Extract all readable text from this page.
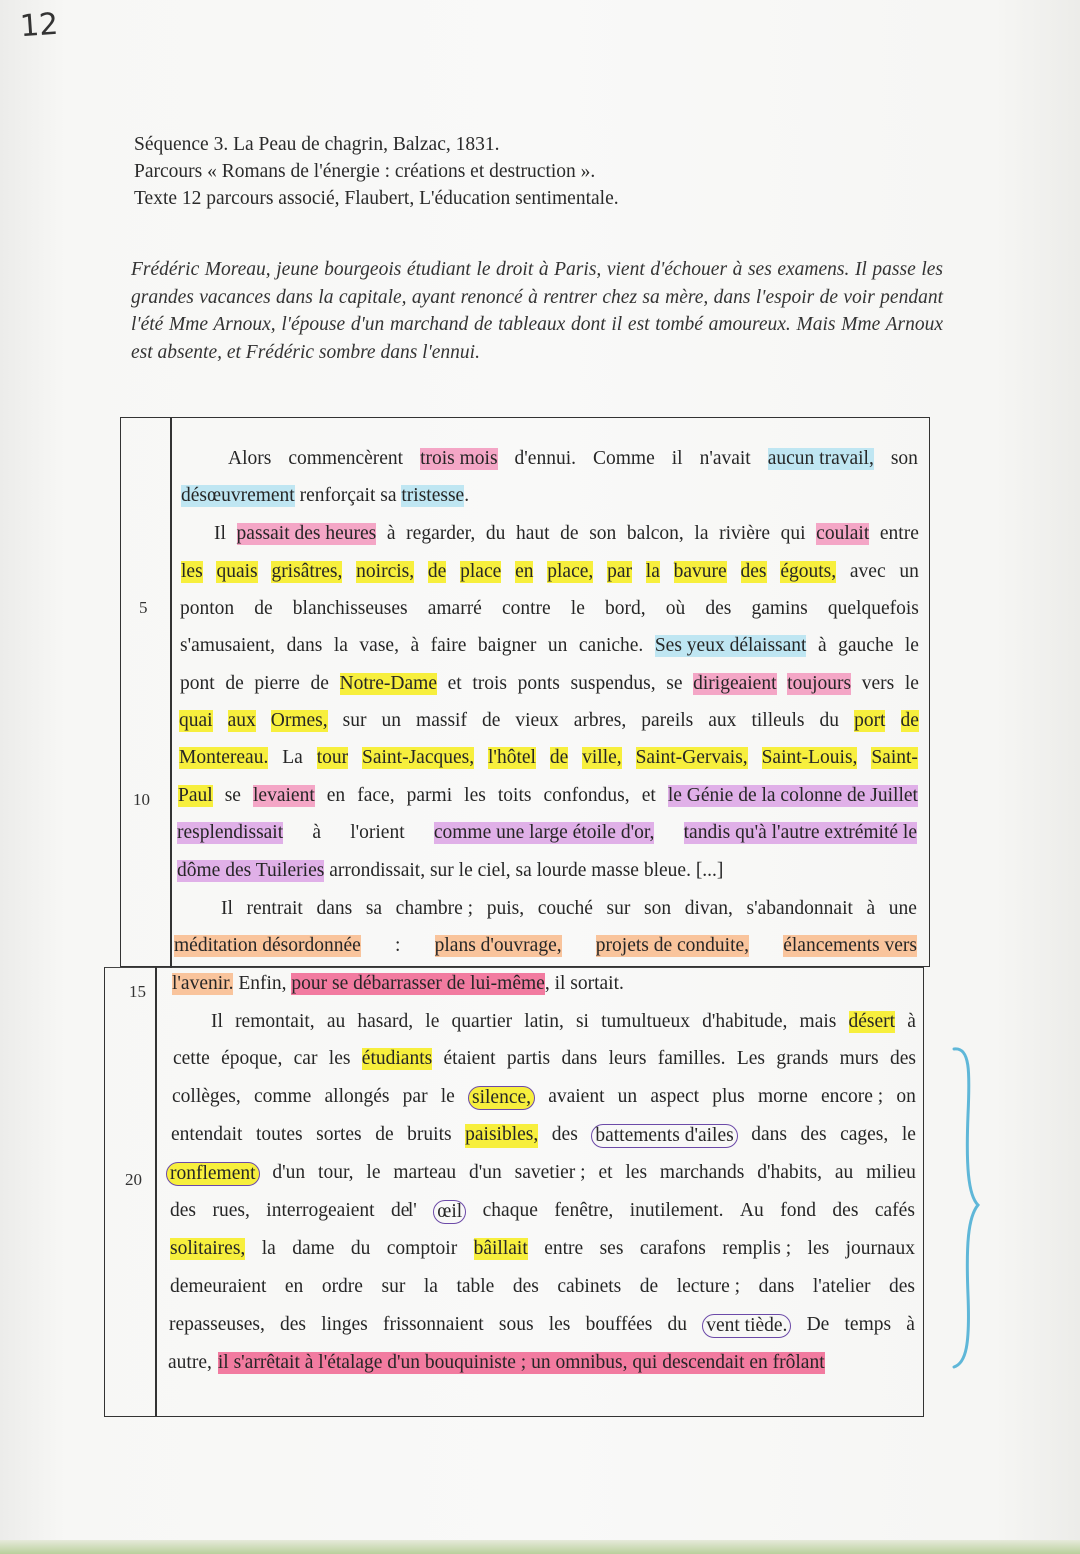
12
Séquence 3. La Peau de chagrin, Balzac, 1831.
Parcours « Romans de l'énergie : créations et destruction ».
Texte 12 parcours associé, Flaubert, L'éducation sentimentale.
Frédéric Moreau, jeune bourgeois étudiant le droit à Paris, vient d'échouer à ses examens. Il passe les grandes vacances dans la capitale, ayant renoncé à rentrer chez sa mère, dans l'espoir de voir pendant l'été Mme Arnoux, l'épouse d'un marchand de tableaux dont il est tombé amoureux. Mais Mme Arnoux est absente, et Frédéric sombre dans l'ennui.
5
10
15
20
Alors commencèrent trois mois d'ennui. Comme il n'avait aucun travail, son
désœuvrement renforçait sa tristesse .
Il passait des heures à regarder, du haut de son balcon, la rivière qui coulait entre
les quais grisâtres, noircis, de place en place, par la bavure des égouts, avec un
ponton de blanchisseuses amarré contre le bord, où des gamins quelquefois
s'amusaient, dans la vase, à faire baigner un caniche. Ses yeux délaissant à gauche le
pont de pierre de Notre-Dame et trois ponts suspendus, se dirigeaient toujours vers le
quai aux Ormes, sur un massif de vieux arbres, pareils aux tilleuls du port de
Montereau. La tour Saint-Jacques, l'hôtel de ville, Saint-Gervais, Saint-Louis, Saint-
Paul se levaient en face, parmi les toits confondus, et le Génie de la colonne de Juillet
resplendissait à l'orient comme une large étoile d'or, tandis qu'à l'autre extrémité le
dôme des Tuileries arrondissait, sur le ciel, sa lourde masse bleue. [...]
Il rentrait dans sa chambre ; puis, couché sur son divan, s'abandonnait à une
méditation désordonnée : plans d'ouvrage, projets de conduite, élancements vers
l'avenir. Enfin, pour se débarrasser de lui-même , il sortait.
Il remontait, au hasard, le quartier latin, si tumultueux d'habitude, mais désert à
cette époque, car les étudiants étaient partis dans leurs familles. Les grands murs des
collèges, comme allongés par le silence, avaient un aspect plus morne encore ; on
entendait toutes sortes de bruits paisibles, des battements d'ailes dans des cages, le
ronflement d'un tour, le marteau d'un savetier ; et les marchands d'habits, au milieu
des rues, interrogeaient de
l' œil chaque fenêtre, inutilement. Au fond des cafés
solitaires, la dame du comptoir bâillait entre ses carafons remplis ; les journaux
demeuraient en ordre sur la table des cabinets de lecture ; dans l'atelier des
repasseuses, des linges frissonnaient sous les bouffées du vent tiède. De temps à
autre, il s'arrêtait à l'étalage d'un bouquiniste ; un omnibus, qui descendait en frôlant
